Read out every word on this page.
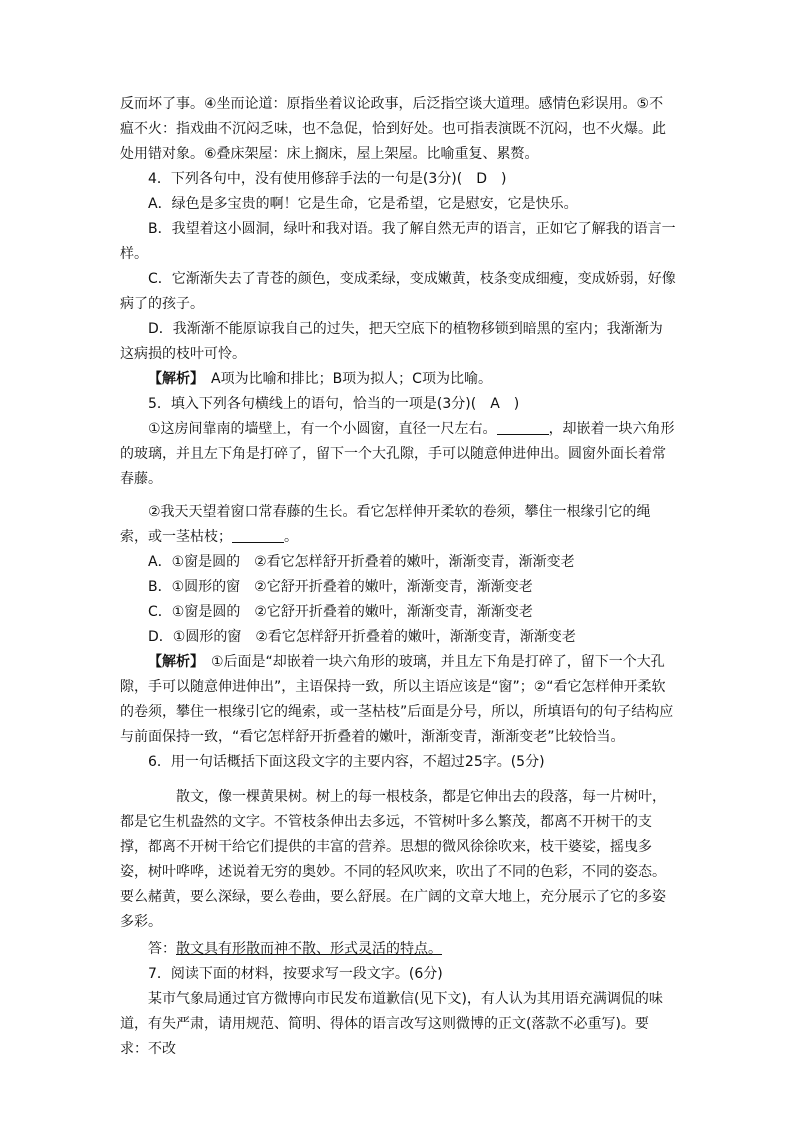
反而坏了事。④坐而论道：原指坐着议论政事，后泛指空谈大道理。感情色彩误用。⑤不瘟不火：指戏曲不沉闷乏味，也不急促，恰到好处。也可指表演既不沉闷，也不火爆。此处用错对象。⑥叠床架屋：床上搁床，屋上架屋。比喻重复、累赘。

4．下列各句中，没有使用修辞手法的一句是(3分)(　D　)

A．绿色是多宝贵的啊！它是生命，它是希望，它是慰安，它是快乐。

B．我望着这小圆洞，绿叶和我对语。我了解自然无声的语言，正如它了解我的语言一样。

C．它渐渐失去了青苍的颜色，变成柔绿，变成嫩黄，枝条变成细瘦，变成娇弱，好像病了的孩子。

D．我渐渐不能原谅我自己的过失，把天空底下的植物移锁到暗黑的室内；我渐渐为这病损的枝叶可怜。

【解析】　A项为比喻和排比；B项为拟人；C项为比喻。

5．填入下列各句横线上的语句，恰当的一项是(3分)(　A　)

①这房间靠南的墙壁上，有一个小圆窗，直径一尺左右。	，却嵌着一块六角形的玻璃，并且左下角是打碎了，留下一个大孔隙，手可以随意伸进伸出。圆窗外面长着常春藤。

②我天天望着窗口常春藤的生长。看它怎样伸开柔软的卷须，攀住一根缘引它的绳索，或一茎枯枝；	。

A．①窗是圆的　②看它怎样舒开折叠着的嫩叶，渐渐变青，渐渐变老

B．①圆形的窗　②它舒开折叠着的嫩叶，渐渐变青，渐渐变老

C．①窗是圆的　②它舒开折叠着的嫩叶，渐渐变青，渐渐变老

D．①圆形的窗　②看它怎样舒开折叠着的嫩叶，渐渐变青，渐渐变老

【解析】　①后面是“却嵌着一块六角形的玻璃，并且左下角是打碎了，留下一个大孔隙，手可以随意伸进伸出”，主语保持一致，所以主语应该是“窗”；②“看它怎样伸开柔软的卷须，攀住一根缘引它的绳索，或一茎枯枝”后面是分号，所以，所填语句的句子结构应与前面保持一致，“看它怎样舒开折叠着的嫩叶，渐渐变青，渐渐变老”比较恰当。

6．用一句话概括下面这段文字的主要内容，不超过25字。(5分)

散文，像一棵黄果树。树上的每一根枝条，都是它伸出去的段落，每一片树叶，都是它生机盎然的文字。不管枝条伸出去多远，不管树叶多么繁茂，都离不开树干的支撑，都离不开树干给它们提供的丰富的营养。思想的微风徐徐吹来，枝干婆娑，摇曳多姿，树叶哗哗，述说着无穷的奥妙。不同的轻风吹来，吹出了不同的色彩，不同的姿态。要么赭黄，要么深绿，要么卷曲，要么舒展。在广阔的文章大地上，充分展示了它的多姿多彩。

答：散文具有形散而神不散、形式灵活的特点。

7．阅读下面的材料，按要求写一段文字。(6分)

某市气象局通过官方微博向市民发布道歉信(见下文)，有人认为其用语充满调侃的味道，有失严肃，请用规范、简明、得体的语言改写这则微博的正文(落款不必重写)。要求：不改
